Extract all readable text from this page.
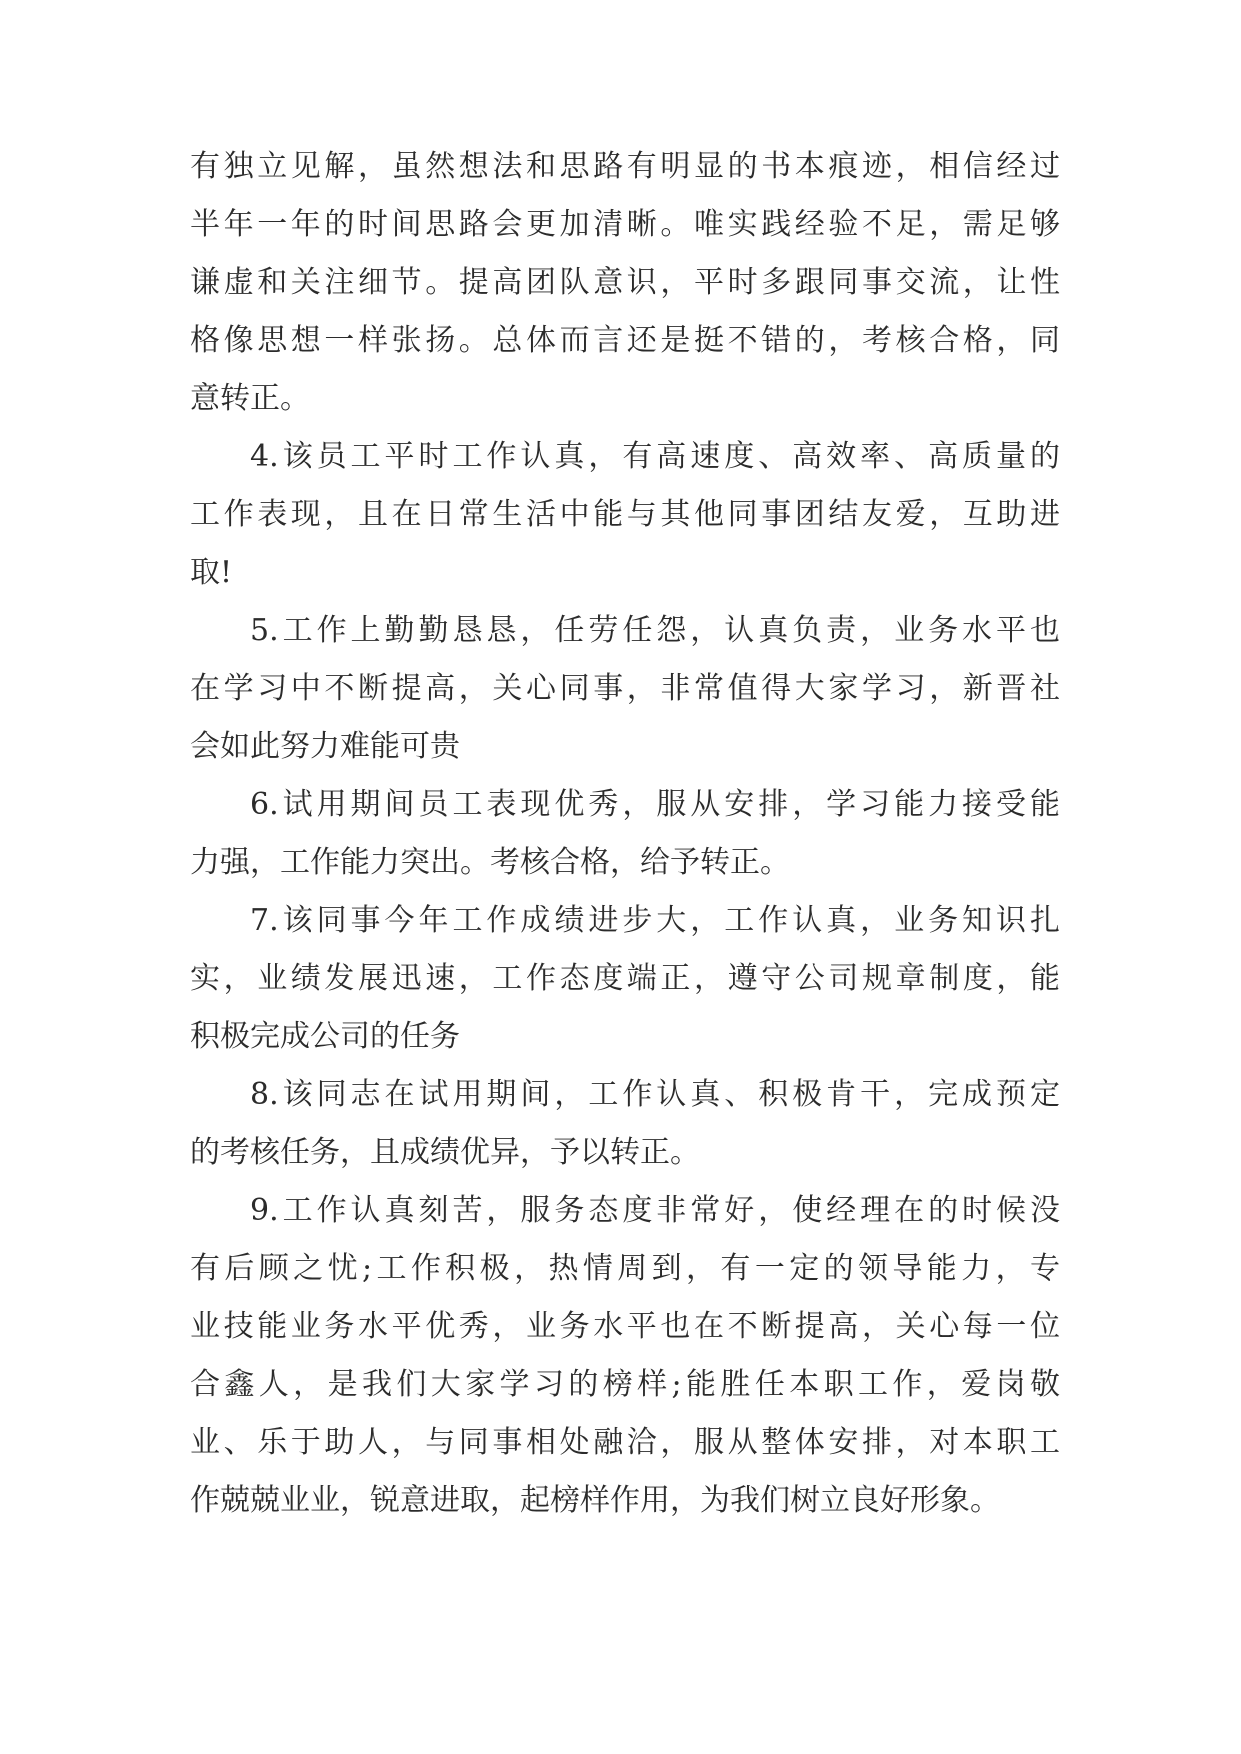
有独立见解，虽然想法和思路有明显的书本痕迹，相信经过
半年一年的时间思路会更加清晰。唯实践经验不足，需足够
谦虚和关注细节。提高团队意识，平时多跟同事交流，让性
格像思想一样张扬。总体而言还是挺不错的，考核合格，同
意转正。
4.该员工平时工作认真，有高速度、高效率、高质量的
工作表现，且在日常生活中能与其他同事团结友爱，互助进
取!
5.工作上勤勤恳恳，任劳任怨，认真负责，业务水平也
在学习中不断提高，关心同事，非常值得大家学习，新晋社
会如此努力难能可贵
6.试用期间员工表现优秀，服从安排，学习能力接受能
力强，工作能力突出。考核合格，给予转正。
7.该同事今年工作成绩进步大，工作认真，业务知识扎
实，业绩发展迅速，工作态度端正，遵守公司规章制度，能
积极完成公司的任务
8.该同志在试用期间，工作认真、积极肯干，完成预定
的考核任务，且成绩优异，予以转正。
9.工作认真刻苦，服务态度非常好，使经理在的时候没
有后顾之忧;工作积极，热情周到，有一定的领导能力，专
业技能业务水平优秀，业务水平也在不断提高，关心每一位
合鑫人，是我们大家学习的榜样;能胜任本职工作，爱岗敬
业、乐于助人，与同事相处融洽，服从整体安排，对本职工
作兢兢业业，锐意进取，起榜样作用，为我们树立良好形象。
